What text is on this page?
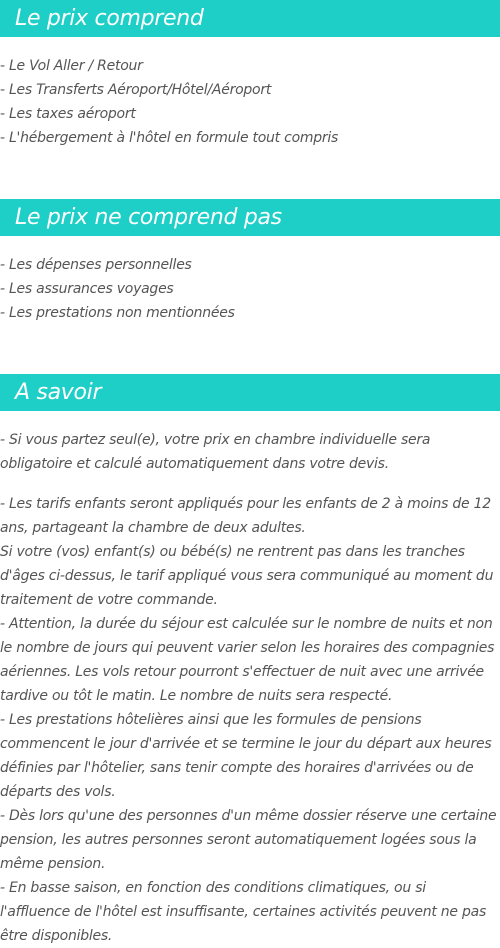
Le prix comprend
- Le Vol Aller / Retour
- Les Transferts Aéroport/Hôtel/Aéroport
- Les taxes aéroport
- L'hébergement à l'hôtel en formule tout compris
Le prix ne comprend pas
- Les dépenses personnelles
- Les assurances voyages
- Les prestations non mentionnées
A savoir

- Si vous partez seul(e), votre prix en chambre individuelle sera obligatoire et calculé automatiquement dans votre devis.

- Les tarifs enfants seront appliqués pour les enfants de 2 à moins de 12 ans, partageant la chambre de deux adultes.

Si votre (vos) enfant(s) ou bébé(s) ne rentrent pas dans les tranches d'âges ci-dessus, le tarif appliqué vous sera communiqué au moment du traitement de votre commande.

- Attention, la durée du séjour est calculée sur le nombre de nuits et non le nombre de jours qui peuvent varier selon les horaires des compagnies aériennes. Les vols retour pourront s'effectuer de nuit avec une arrivée tardive ou tôt le matin. Le nombre de nuits sera respecté.

- Les prestations hôtelières ainsi que les formules de pensions commencent le jour d'arrivée et se termine le jour du départ aux heures définies par l'hôtelier, sans tenir compte des horaires d'arrivées ou de départs des vols.

- Dès lors qu'une des personnes d'un même dossier réserve une certaine pension, les autres personnes seront automatiquement logées sous la même pension.

- En basse saison, en fonction des conditions climatiques, ou si l'affluence de l'hôtel est insuffisante, certaines activités peuvent ne pas être disponibles.
